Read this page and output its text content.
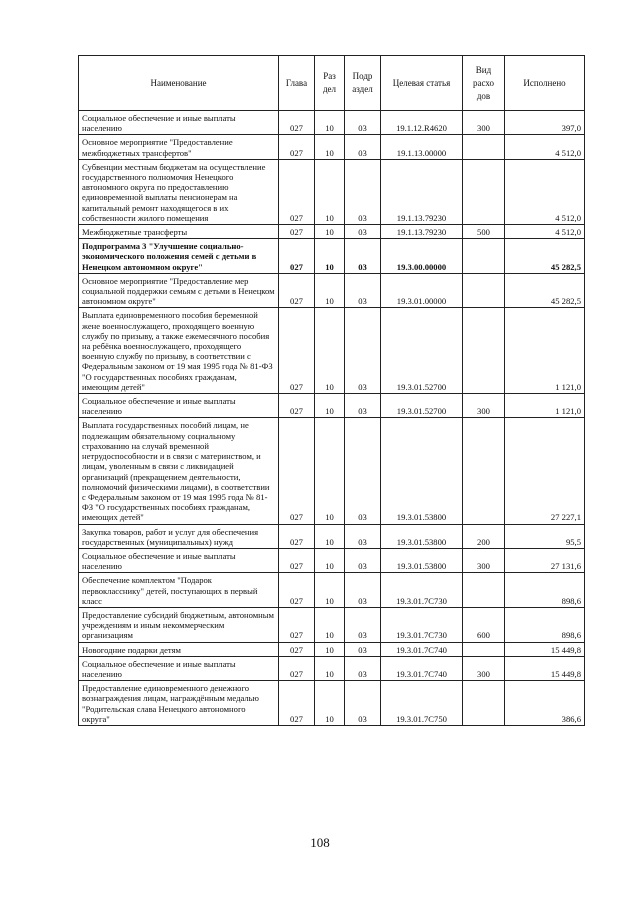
Наименование	Глава	Раз дел	Подр аздел	Целевая статья	Вид расхо дов	Исполнено
Социальное обеспечение и иные выплаты населению	027	10	03	19.1.12.R4620	300	397,0
Основное мероприятие "Предоставление межбюджетных трансфертов"	027	10	03	19.1.13.00000		4 512,0
Субвенции местным бюджетам на осуществление государственного полномочия Ненецкого автономного округа по предоставлению единовременной выплаты пенсионерам на капитальный ремонт находящегося в их собственности жилого помещения	027	10	03	19.1.13.79230		4 512,0
Межбюджетные трансферты	027	10	03	19.1.13.79230	500	4 512,0
Подпрограмма 3 "Улучшение социально-экономического положения семей с детьми в Ненецком автономном округе"	027	10	03	19.3.00.00000		45 282,5
Основное мероприятие "Предоставление мер социальной поддержки семьям с детьми в Ненецком автономном округе"	027	10	03	19.3.01.00000		45 282,5
Выплата единовременного пособия беременной жене военнослужащего, проходящего военную службу по призыву, а также ежемесячного пособия на ребёнка военнослужащего, проходящего военную службу по призыву, в соответствии с Федеральным законом от 19 мая 1995 года № 81-ФЗ "О государственных пособиях гражданам, имеющим детей"	027	10	03	19.3.01.52700		1 121,0
Социальное обеспечение и иные выплаты населению	027	10	03	19.3.01.52700	300	1 121,0
Выплата государственных пособий лицам, не подлежащим обязательному социальному страхованию на случай временной нетрудоспособности и в связи с материнством, и лицам, уволенным в связи с ликвидацией организаций (прекращением деятельности, полномочий физическими лицами), в соответствии с Федеральным законом от 19 мая 1995 года № 81-ФЗ "О государственных пособиях гражданам, имеющих детей"	027	10	03	19.3.01.53800		27 227,1
Закупка товаров, работ и услуг для обеспечения государственных (муниципальных) нужд	027	10	03	19.3.01.53800	200	95,5
Социальное обеспечение и иные выплаты населению	027	10	03	19.3.01.53800	300	27 131,6
Обеспечение комплектом "Подарок первокласснику" детей, поступающих в первый класс	027	10	03	19.3.01.7С730		898,6
Предоставление субсидий бюджетным, автономным учреждениям и иным некоммерческим организациям	027	10	03	19.3.01.7С730	600	898,6
Новогодние подарки детям	027	10	03	19.3.01.7С740		15 449,8
Социальное обеспечение и иные выплаты населению	027	10	03	19.3.01.7С740	300	15 449,8
Предоставление единовременного денежного вознаграждения лицам, награждённым медалью "Родительская слава Ненецкого автономного округа"	027	10	03	19.3.01.7С750		386,6
108
